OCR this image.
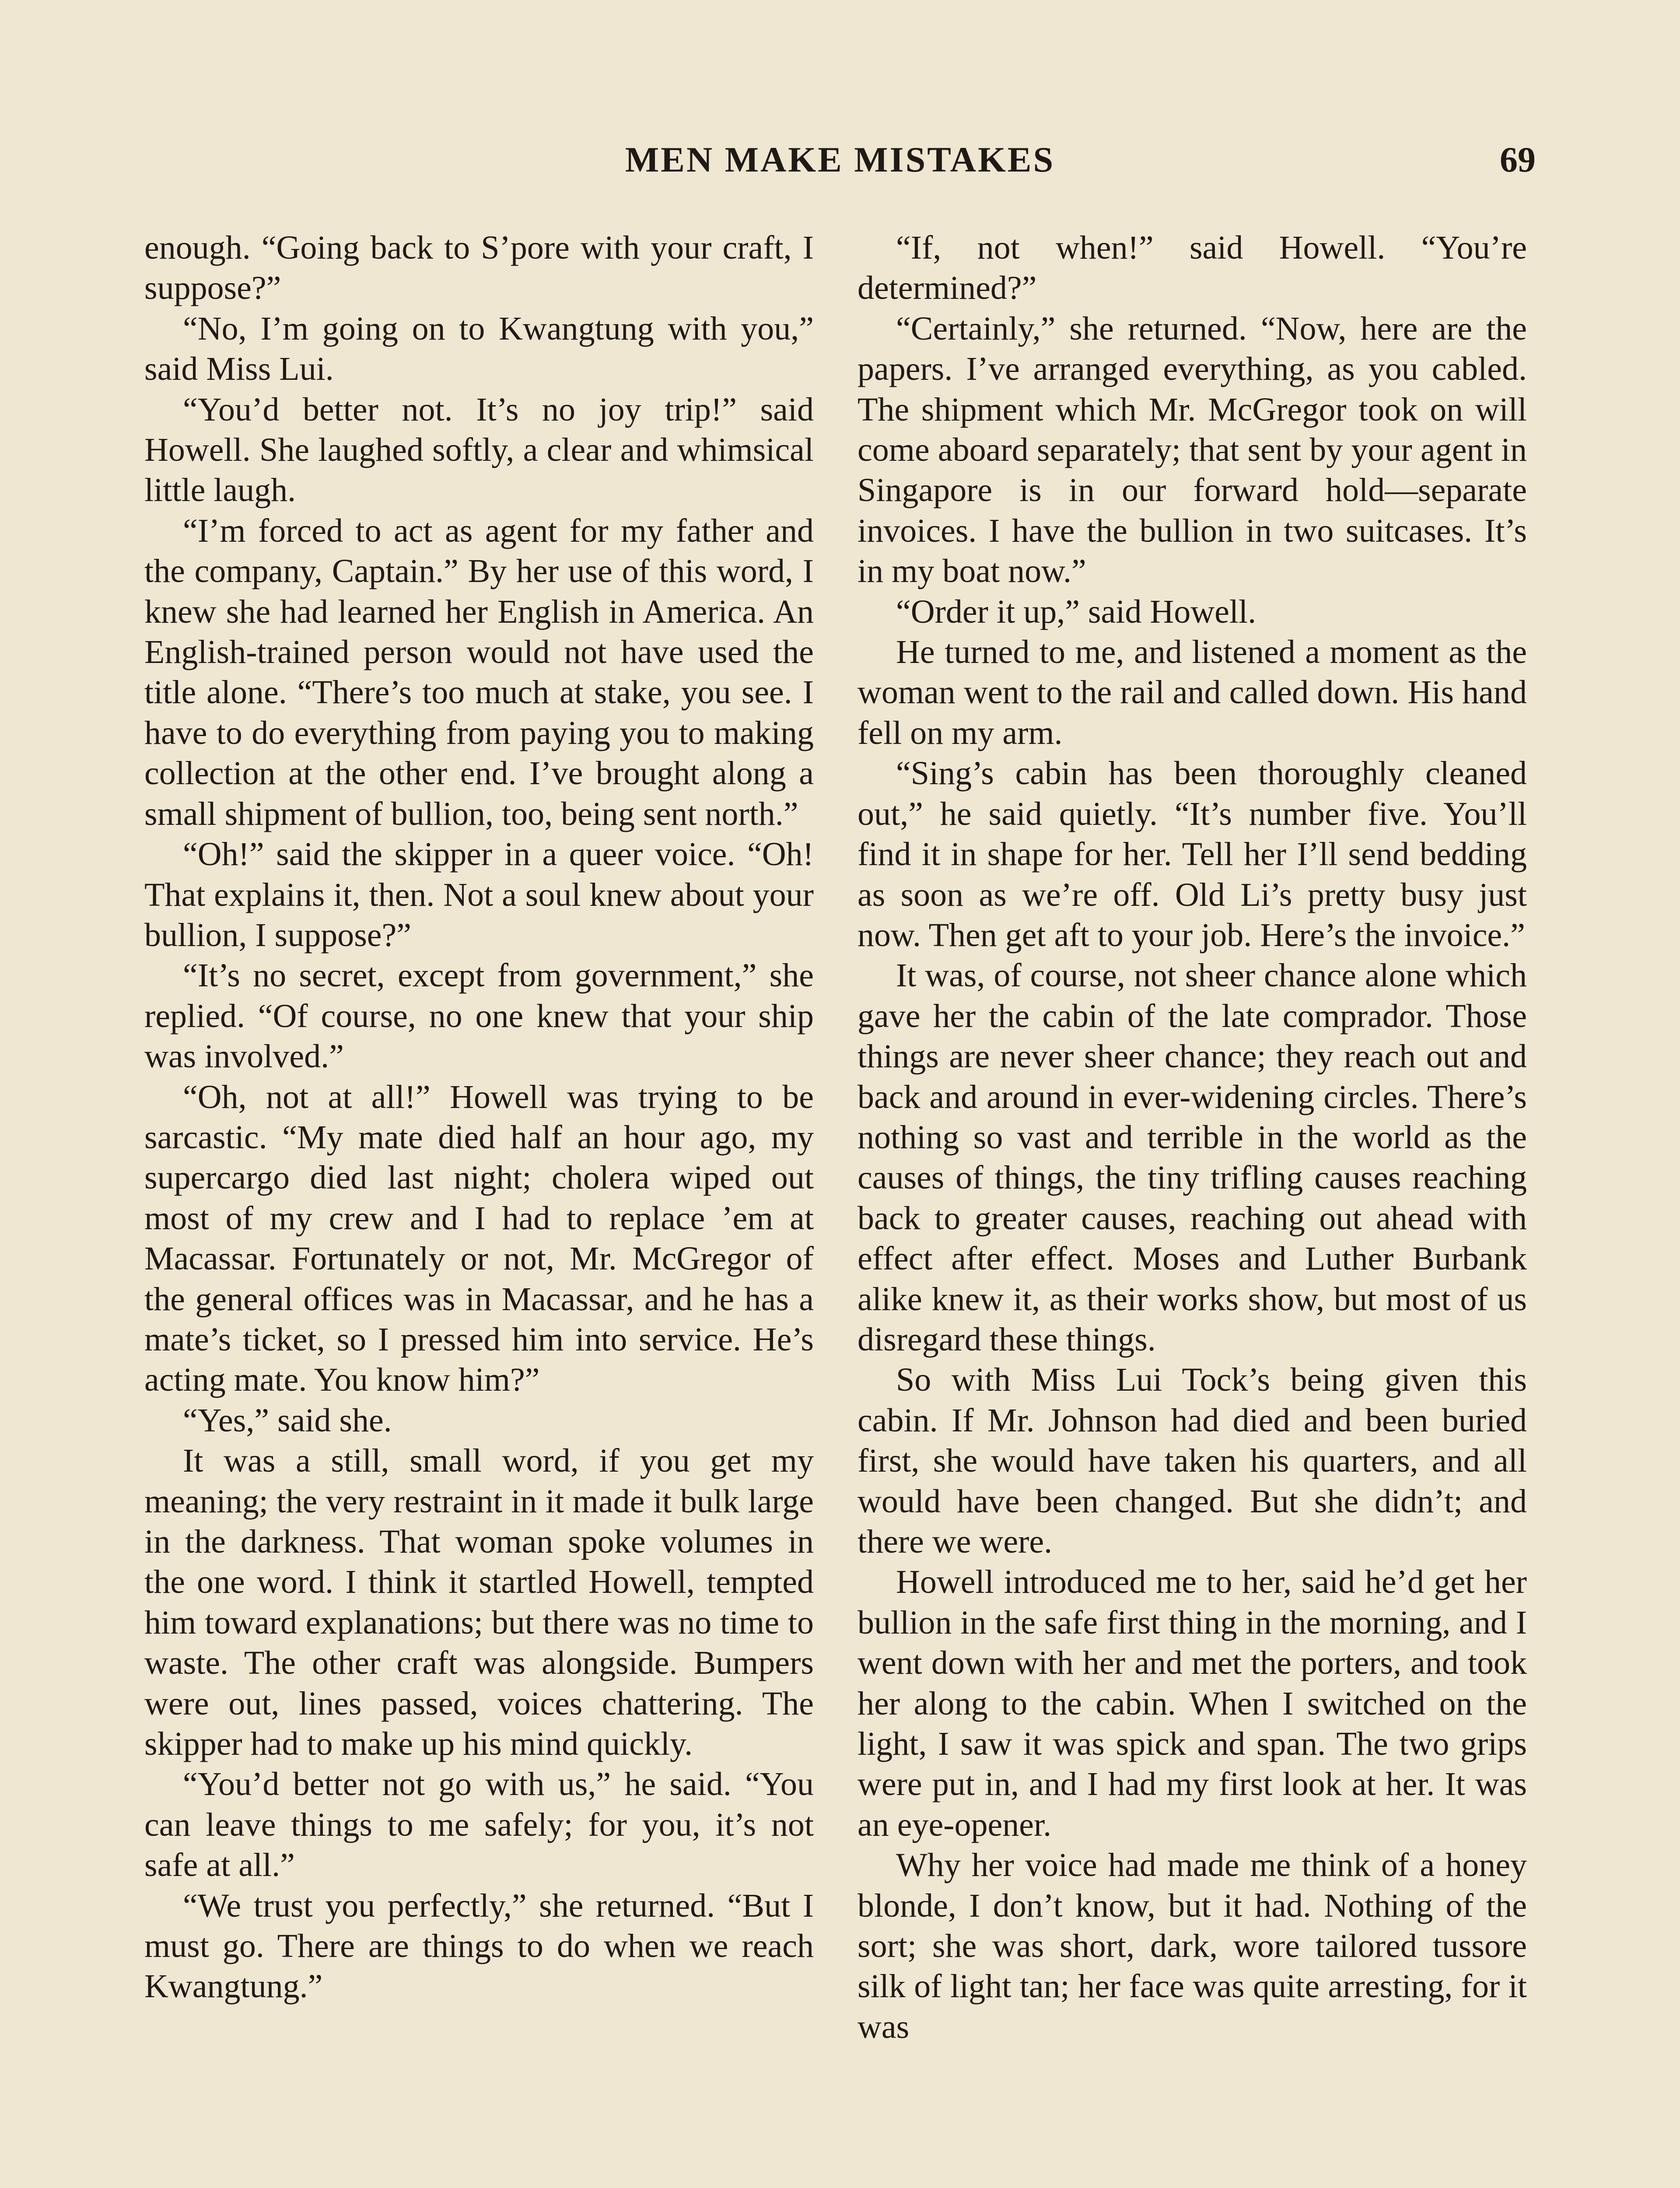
MEN MAKE MISTAKES	69

enough. “Going back to S’pore with your craft, I suppose?”

“No, I’m going on to Kwangtung with you,” said Miss Lui.

“You’d better not. It’s no joy trip!” said Howell. She laughed softly, a clear and whimsical little laugh.

“I’m forced to act as agent for my father and the company, Captain.” By her use of this word, I knew she had learned her English in America. An English-trained person would not have used the title alone. “There’s too much at stake, you see. I have to do everything from paying you to making collection at the other end. I’ve brought along a small shipment of bullion, too, being sent north.”

“Oh!” said the skipper in a queer voice. “Oh! That explains it, then. Not a soul knew about your bullion, I suppose?”

“It’s no secret, except from government,” she replied. “Of course, no one knew that your ship was involved.”

“Oh, not at all!” Howell was trying to be sarcastic. “My mate died half an hour ago, my supercargo died last night; cholera wiped out most of my crew and I had to replace ’em at Macassar. Fortunately or not, Mr. McGregor of the general offices was in Macassar, and he has a mate’s ticket, so I pressed him into service. He’s acting mate. You know him?”

“Yes,” said she.

It was a still, small word, if you get my meaning; the very restraint in it made it bulk large in the darkness. That woman spoke volumes in the one word. I think it startled Howell, tempted him toward explanations; but there was no time to waste. The other craft was alongside. Bumpers were out, lines passed, voices chattering. The skipper had to make up his mind quickly.

“You’d better not go with us,” he said. “You can leave things to me safely; for you, it’s not safe at all.”

“We trust you perfectly,” she returned. “But I must go. There are things to do when we reach Kwangtung.”

“If, not when!” said Howell. “You’re determined?”

“Certainly,” she returned. “Now, here are the papers. I’ve arranged everything, as you cabled. The shipment which Mr. McGregor took on will come aboard separately; that sent by your agent in Singapore is in our forward hold—separate invoices. I have the bullion in two suitcases. It’s in my boat now.”

“Order it up,” said Howell.

He turned to me, and listened a moment as the woman went to the rail and called down. His hand fell on my arm.

“Sing’s cabin has been thoroughly cleaned out,” he said quietly. “It’s number five. You’ll find it in shape for her. Tell her I’ll send bedding as soon as we’re off. Old Li’s pretty busy just now. Then get aft to your job. Here’s the invoice.”

It was, of course, not sheer chance alone which gave her the cabin of the late comprador. Those things are never sheer chance; they reach out and back and around in ever-widening circles. There’s nothing so vast and terrible in the world as the causes of things, the tiny trifling causes reaching back to greater causes, reaching out ahead with effect after effect. Moses and Luther Burbank alike knew it, as their works show, but most of us disregard these things.

So with Miss Lui Tock’s being given this cabin. If Mr. Johnson had died and been buried first, she would have taken his quarters, and all would have been changed. But she didn’t; and there we were.

Howell introduced me to her, said he’d get her bullion in the safe first thing in the morning, and I went down with her and met the porters, and took her along to the cabin. When I switched on the light, I saw it was spick and span. The two grips were put in, and I had my first look at her. It was an eye-opener.

Why her voice had made me think of a honey blonde, I don’t know, but it had. Nothing of the sort; she was short, dark, wore tailored tussore silk of light tan; her face was quite arresting, for it was
